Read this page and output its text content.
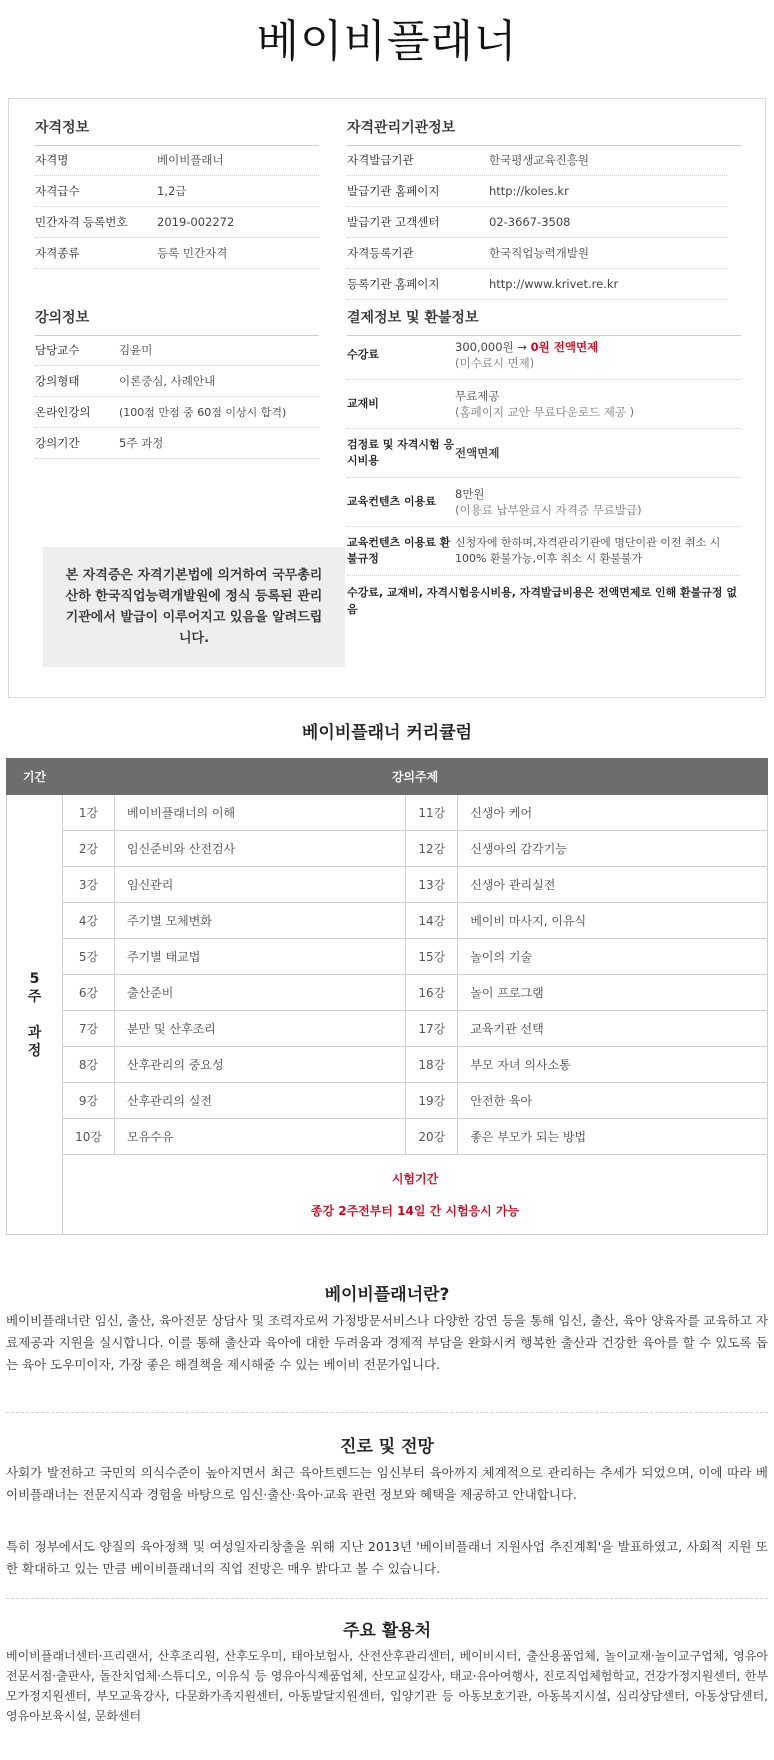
베이비플래너
자격정보
자격명	베이비플래너
자격급수	1,2급
민간자격 등록번호	2019-002272
자격종류	등록 민간자격
자격관리기관정보
자격발급기관	한국평생교육진흥원
발급기관 홈페이지	http://koles.kr
발급기관 고객센터	02-3667-3508
자격등록기관	한국직업능력개발원
등록기관 홈페이지	http://www.krivet.re.kr
강의정보
담당교수	김윤미
강의형태	이론중심, 사례안내
온라인강의	(100점 만점 중 60점 이상시 합격)
강의기간	5주 과정
본 자격증은 자격기본법에 의거하여 국무총리산하 한국직업능력개발원에 정식 등록된 관리기관에서 발급이 이루어지고 있음을 알려드립니다.
결제정보 및 환불정보
수강료
300,000원 → 0원 전액면제
(미수료시 면제)
교재비
무료제공
(홈페이지 교안 무료다운로드 제공 )
검정료 및 자격시험 응시비용
전액면제
교육컨텐츠 이용료
8만원
(이용료 납부완료시 자격증 무료발급)
교육컨텐츠 이용료 환불규정
신청자에 한하며,자격관리기관에 명단이관 이전 취소 시 100% 환불가능,이후 취소 시 환불불가
수강료, 교재비, 자격시험응시비용, 자격발급비용은 전액면제로 인해 환불규정 없음
베이비플래너 커리큘럼
기간	강의주제			
5
주

과
정	1강	베이비플래너의 이해	11강	신생아 케어
	2강	임신준비와 산전검사	12강	신생아의 감각기능
	3강	임신관리	13강	신생아 관리실전
	4강	주기별 모체변화	14강	베이비 마사지, 이유식
	5강	주기별 태교법	15강	놀이의 기술
	6강	출산준비	16강	놀이 프로그램
	7강	분만 및 산후조리	17강	교육기관 선택
	8강	산후관리의 중요성	18강	부모 자녀 의사소통
	9강	산후관리의 실전	19강	안전한 육아
	10강	모유수유	20강	좋은 부모가 되는 방법
	시험기간
종강 2주전부터 14일 간 시험응시 가능			
베이비플래너란?
베이비플래너란 임신, 출산, 육아전문 상담사 및 조력자로써 가정방문서비스나 다양한 강연 등을 통해 임신, 출산, 육아 양육자를 교육하고 자료제공과 지원을 실시합니다. 이를 통해 출산과 육아에 대한 두려움과 경제적 부담을 완화시켜 행복한 출산과 건강한 육아를 할 수 있도록 돕는 육아 도우미이자, 가장 좋은 해결책을 제시해줄 수 있는 베이비 전문가입니다.
진로 및 전망
사회가 발전하고 국민의 의식수준이 높아지면서 최근 육아트렌드는 임신부터 육아까지 체계적으로 관리하는 추세가 되었으며, 이에 따라 베이비플래너는 전문지식과 경험을 바탕으로 임신·출산·육아·교육 관련 정보와 혜택을 제공하고 안내합니다.
특히 정부에서도 양질의 육아정책 및 여성일자리창출을 위해 지난 2013년 '베이비플래너 지원사업 추진계획'을 발표하였고, 사회적 지원 또한 확대하고 있는 만큼 베이비플래너의 직업 전망은 매우 밝다고 볼 수 있습니다.
주요 활용처
베이비플래너센터·프리랜서, 산후조리원, 산후도우미, 태아보험사, 산전산후관리센터, 베이비시터, 출산용품업체, 놀이교재·놀이교구업체, 영유아전문서점·출판사, 돌잔치업체·스튜디오, 이유식 등 영유아식제품업체, 산모교실강사, 태교·유아여행사, 진로직업체험학교, 건강가정지원센터, 한부모가정지원센터, 부모교육강사, 다문화가족지원센터, 아동발달지원센터, 입양기관 등 아동보호기관, 아동복지시설, 심리상담센터, 아동상담센터, 영유아보육시설, 문화센터
